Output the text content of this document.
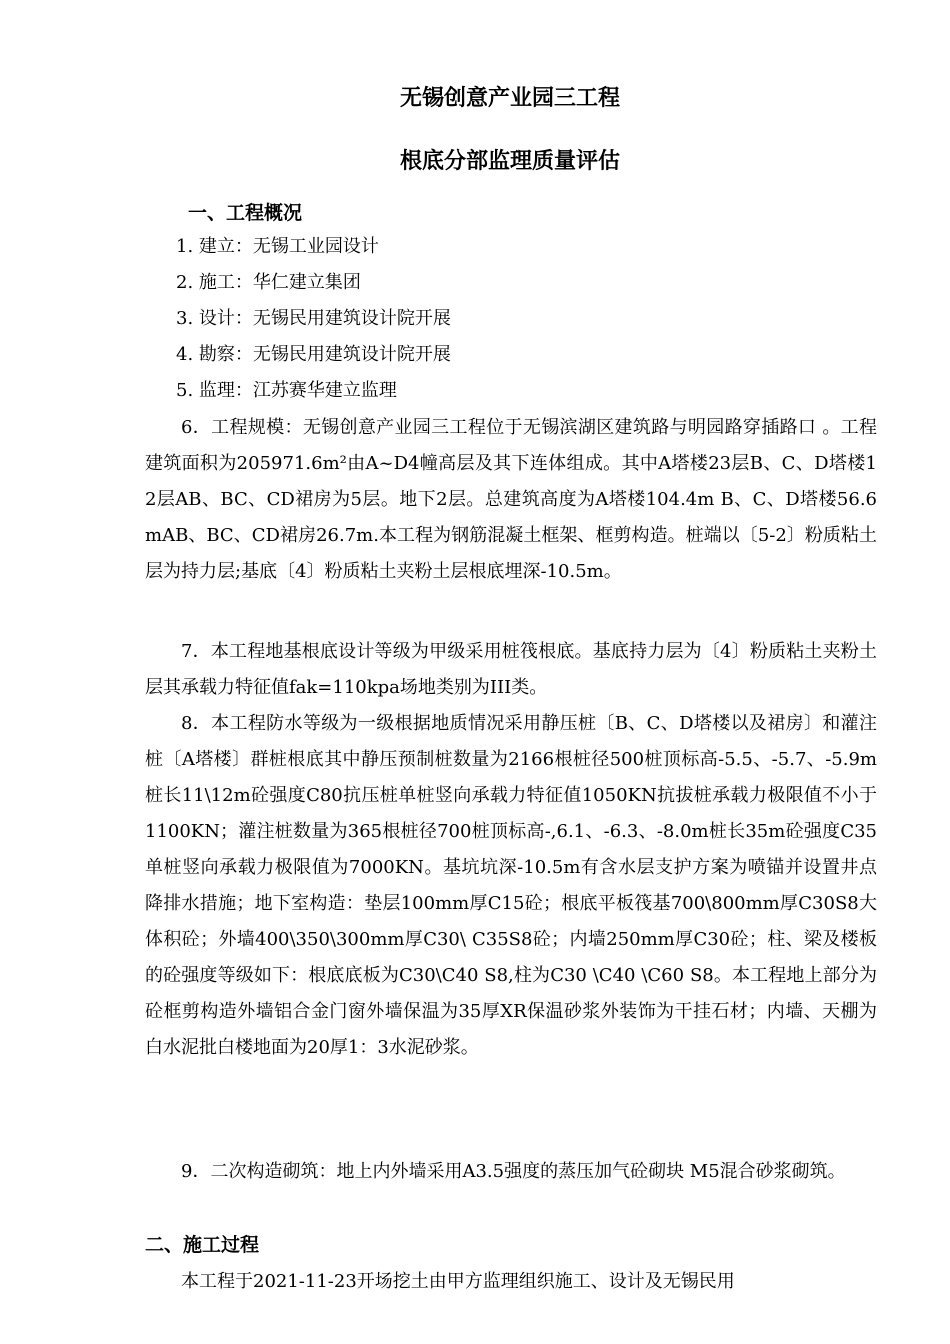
无锡创意产业园三工程
根底分部监理质量评估
一、工程概况
1. 建立：无锡工业园设计
2. 施工：华仁建立集团
3. 设计：无锡民用建筑设计院开展
4. 勘察：无锡民用建筑设计院开展
5. 监理：江苏赛华建立监理

6．工程规模：无锡创意产业园三工程位于无锡滨湖区建筑路与明园路穿插路口 。工程建筑面积为205971.6m²由A~D4幢高层及其下连体组成。其中A塔楼23层B、C、D塔楼12层AB、BC、CD裙房为5层。地下2层。总建筑高度为A塔楼104.4m B、C、D塔楼56.6mAB、BC、CD裙房26.7m.本工程为钢筋混凝土框架、框剪构造。桩端以〔5-2〕粉质粘土层为持力层;基底〔4〕粉质粘土夹粉土层根底埋深-10.5m。

7．本工程地基根底设计等级为甲级采用桩筏根底。基底持力层为〔4〕粉质粘土夹粉土层其承载力特征值fak=110kpa场地类别为III类。

8．本工程防水等级为一级根据地质情况采用静压桩〔B、C、D塔楼以及裙房〕和灌注桩〔A塔楼〕群桩根底其中静压预制桩数量为2166根桩径500桩顶标高-5.5、-5.7、-5.9m桩长11\12m砼强度C80抗压桩单桩竖向承载力特征值1050KN抗拔桩承载力极限值不小于1100KN；灌注桩数量为365根桩径700桩顶标高-,6.1、-6.3、-8.0m桩长35m砼强度C35单桩竖向承载力极限值为7000KN。基坑坑深-10.5m有含水层支护方案为喷锚并设置井点降排水措施；地下室构造：垫层100mm厚C15砼；根底平板筏基700\800mm厚C30S8大体积砼；外墙400\350\300mm厚C30\ C35S8砼；内墙250mm厚C30砼；柱、梁及楼板的砼强度等级如下：根底底板为C30\C40 S8,柱为C30 \C40 \C60 S8。本工程地上部分为砼框剪构造外墙铝合金门窗外墙保温为35厚XR保温砂浆外装饰为干挂石材；内墙、天棚为白水泥批白楼地面为20厚1：3水泥砂浆。

9．二次构造砌筑：地上内外墙采用A3.5强度的蒸压加气砼砌块 M5混合砂浆砌筑。

二、施工过程

本工程于2021-11-23开场挖土由甲方监理组织施工、设计及无锡民用
